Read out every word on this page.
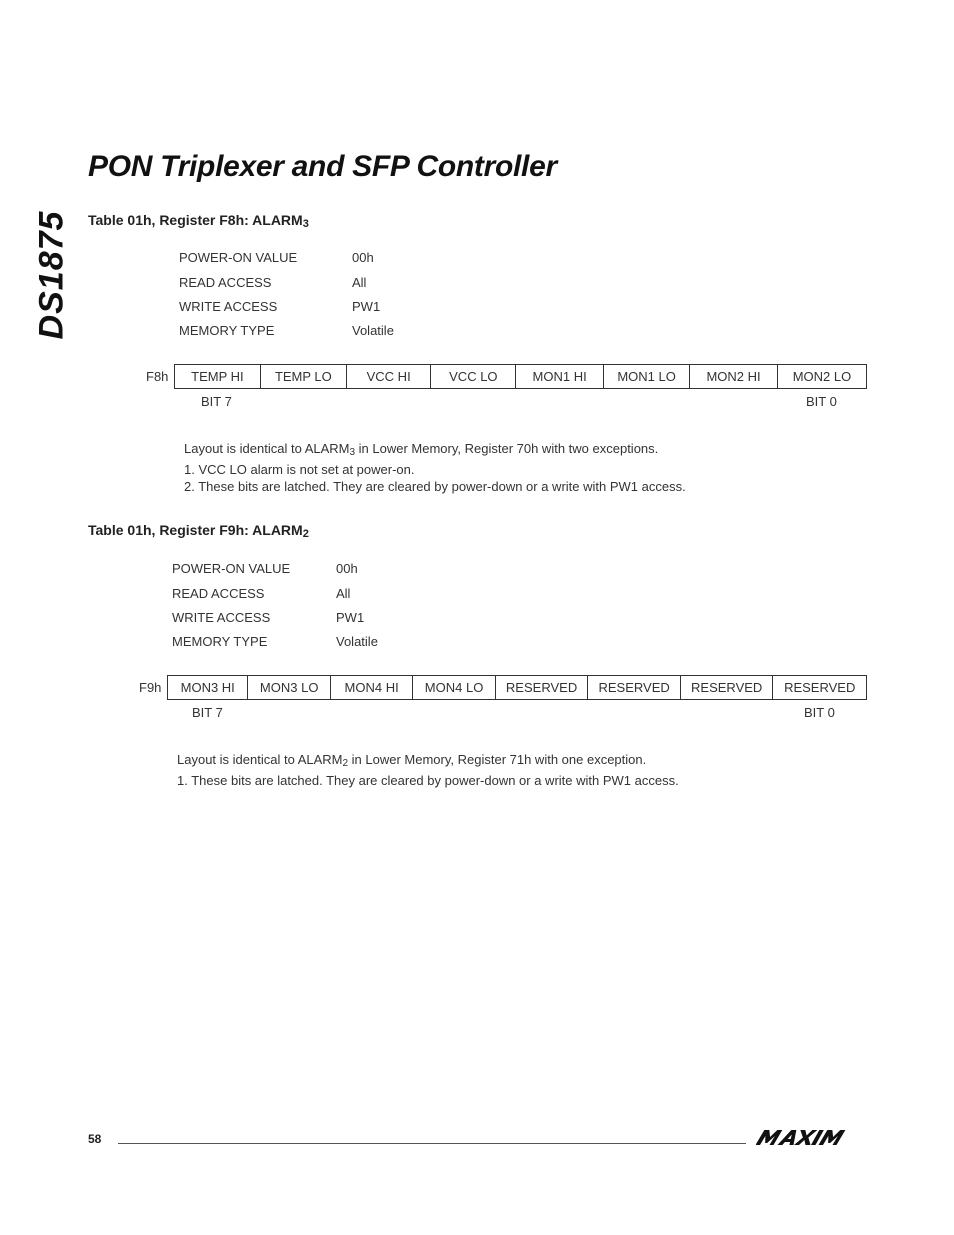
DS1875
PON Triplexer and SFP Controller
Table 01h, Register F8h: $ALARM_3$
POWER-ON VALUE	00h
READ ACCESS	All
WRITE ACCESS	PW1
MEMORY TYPE	Volatile
F8h TEMP HI	TEMP LO	VCC HI	VCC LO	MON1 HI	MON1 LO	MON2 HI	MON2 LO
BIT 7	BIT 0
Layout is identical to $ALARM_3$ in Lower Memory, Register 70h with two exceptions.
1. VCC LO alarm is not set at power-on.
2. These bits are latched. They are cleared by power-down or a write with PW1 access.
Table 01h, Register F9h: $ALARM_2$
POWER-ON VALUE	00h
READ ACCESS	All
WRITE ACCESS	PW1
MEMORY TYPE	Volatile
F9h MON3 HI	MON3 LO	MON4 HI	MON4 LO	RESERVED	RESERVED	RESERVED	RESERVED
BIT 7	BIT 0
Layout is identical to $ALARM_2$ in Lower Memory, Register 71h with one exception.
1. These bits are latched. They are cleared by power-down or a write with PW1 access.
58
